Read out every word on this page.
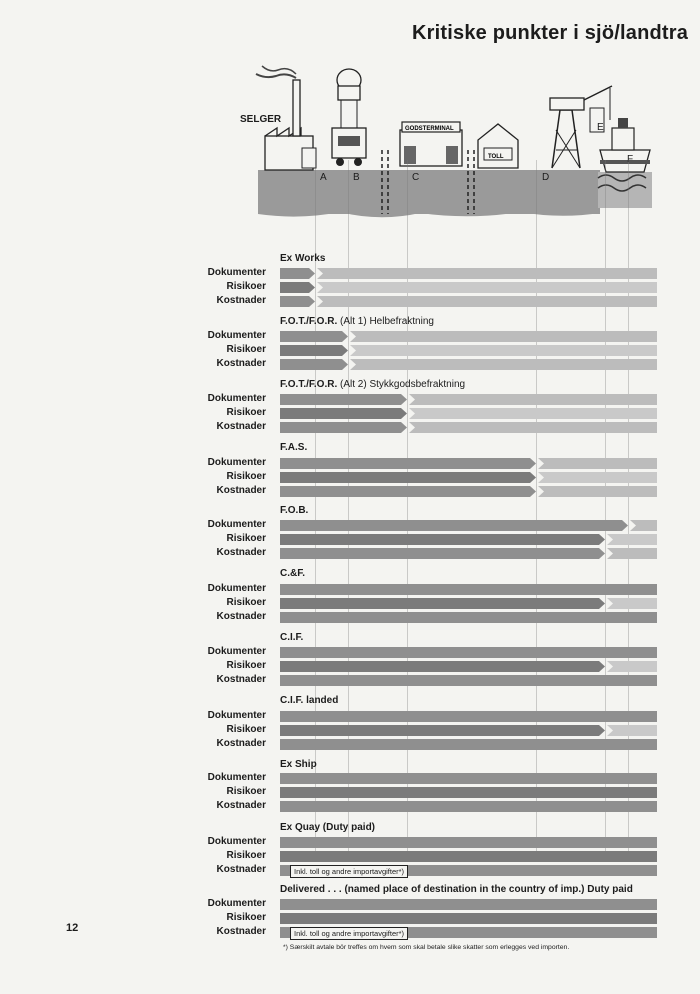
Kritiske punkter i sjö/landtra
SELGER
GODSTERMINAL
TOLL
A	B	C	D
E
F
Ex Works
F.O.T./F.O.R. (Alt 1) Helbefraktning
F.O.T./F.O.R. (Alt 2) Stykkgodsbefraktning
F.A.S.
F.O.B.
C.&F.
C.I.F.
C.I.F. landed
Ex Ship
Ex Quay (Duty paid)
Delivered . . . (named place of destination in the country of imp.) Duty paid
Dokumenter
Risikoer
Kostnader
Dokumenter
Risikoer
Kostnader
Dokumenter
Risikoer
Kostnader
Dokumenter
Risikoer
Kostnader
Dokumenter
Risikoer
Kostnader
Dokumenter
Risikoer
Kostnader
Dokumenter
Risikoer
Kostnader
Dokumenter
Risikoer
Kostnader
Dokumenter
Risikoer
Kostnader
Dokumenter
Risikoer
Kostnader
Dokumenter
Risikoer
Kostnader
Inkl. toll og andre importavgifter*)
Inkl. toll og andre importavgifter*)
*) Særskilt avtale bör treffes om hvem som skal betale slike skatter som erlegges ved importen.
12
